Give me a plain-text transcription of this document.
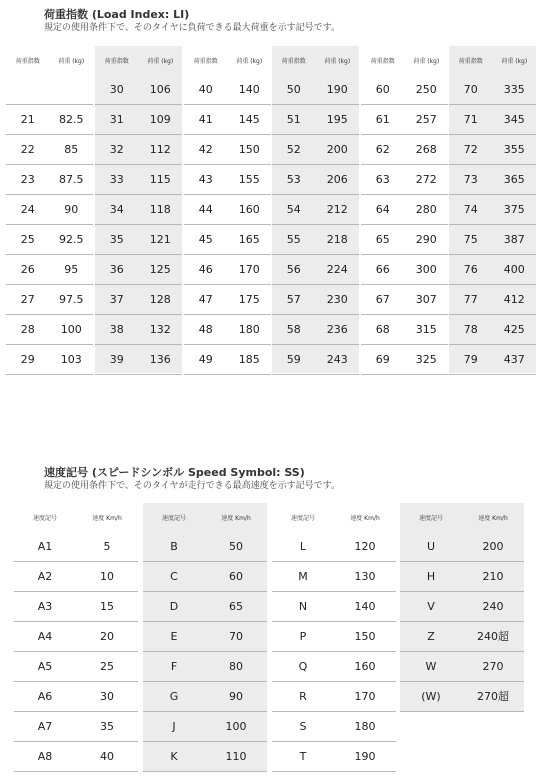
荷重指数 (Load Index: LI)
規定の使用条件下で、そのタイヤに負荷できる最大荷重を示す記号です。
荷重指数	荷重 (kg)
21	82.5
22	85
23	87.5
24	90
25	92.5
26	95
27	97.5
28	100
29	103
荷重指数	荷重 (kg)
30	106
31	109
32	112
33	115
34	118
35	121
36	125
37	128
38	132
39	136
荷重指数	荷重 (kg)
40	140
41	145
42	150
43	155
44	160
45	165
46	170
47	175
48	180
49	185
荷重指数	荷重 (kg)
50	190
51	195
52	200
53	206
54	212
55	218
56	224
57	230
58	236
59	243
荷重指数	荷重 (kg)
60	250
61	257
62	268
63	272
64	280
65	290
66	300
67	307
68	315
69	325
荷重指数	荷重 (kg)
70	335
71	345
72	355
73	365
74	375
75	387
76	400
77	412
78	425
79	437
速度記号 (スピードシンボル Speed Symbol: SS)
規定の使用条件下で、そのタイヤが走行できる最高速度を示す記号です。
速度記号	速度 Km/h
A1	5
A2	10
A3	15
A4	20
A5	25
A6	30
A7	35
A8	40
速度記号	速度 Km/h
B	50
C	60
D	65
E	70
F	80
G	90
J	100
K	110
速度記号	速度 Km/h
L	120
M	130
N	140
P	150
Q	160
R	170
S	180
T	190
速度記号	速度 Km/h
U	200
H	210
V	240
Z	240超
W	270
(W)	270超
